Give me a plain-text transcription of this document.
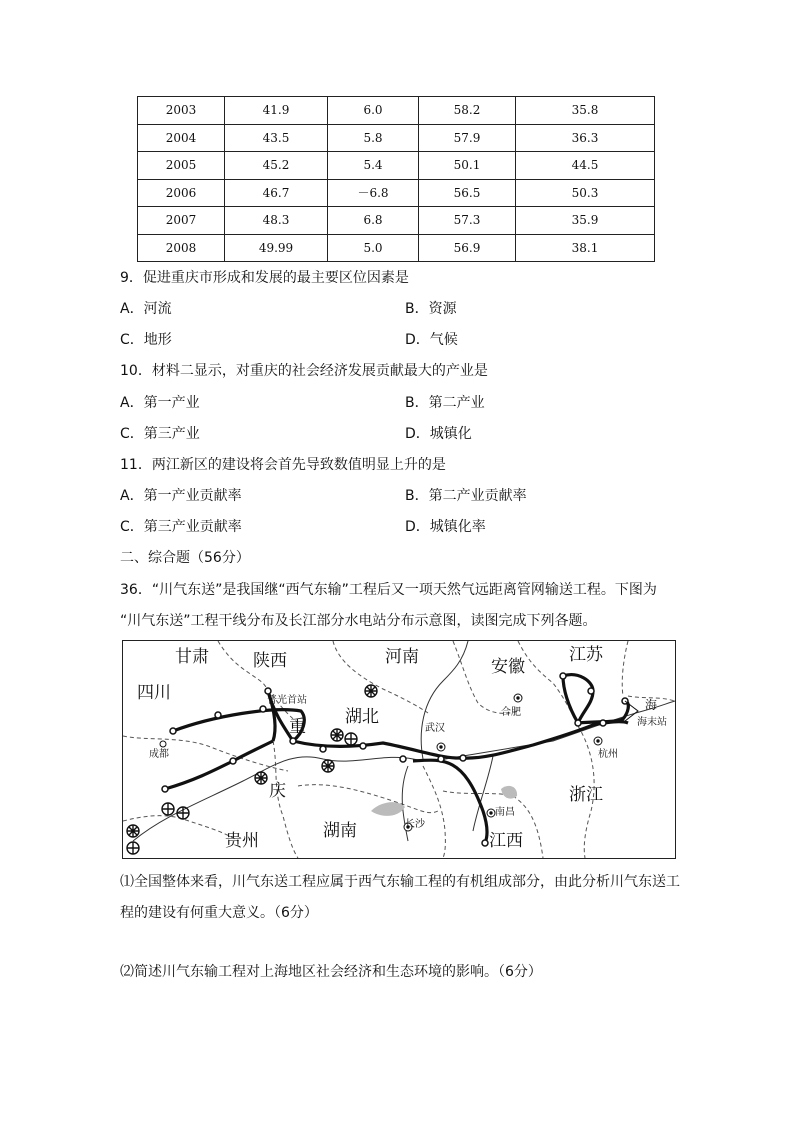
2003	41.9	6.0	58.2	35.8
2004	43.5	5.8	57.9	36.3
2005	45.2	5.4	50.1	44.5
2006	46.7	－6.8	56.5	50.3
2007	48.3	6.8	57.3	35.9
2008	49.99	5.0	56.9	38.1
9．促进重庆市形成和发展的最主要区位因素是
A．河流	B．资源
C．地形	D．气候
10．材料二显示，对重庆的社会经济发展贡献最大的产业是
A．第一产业	B．第二产业
C．第三产业	D．城镇化
11．两江新区的建设将会首先导致数值明显上升的是
A．第一产业贡献率	B．第二产业贡献率
C．第三产业贡献率	D．城镇化率
二、综合题（56分）
36．“川气东送”是我国继“西气东输”工程后又一项天然气远距离管网输送工程。下图为
“川气东送”工程干线分布及长江部分水电站分布示意图，读图完成下列各题。
甘肃	陕西	河南	安徽
江苏
四川
湖北
重
庆	浙江
贵州	湖南	江西
普光首站
成都
武汉
合肥
长沙
南昌
杭州
海
海末站
⑴全国整体来看，川气东送工程应属于西气东输工程的有机组成部分，由此分析川气东送工
程的建设有何重大意义。（6分）
⑵简述川气东输工程对上海地区社会经济和生态环境的影响。（6分）
